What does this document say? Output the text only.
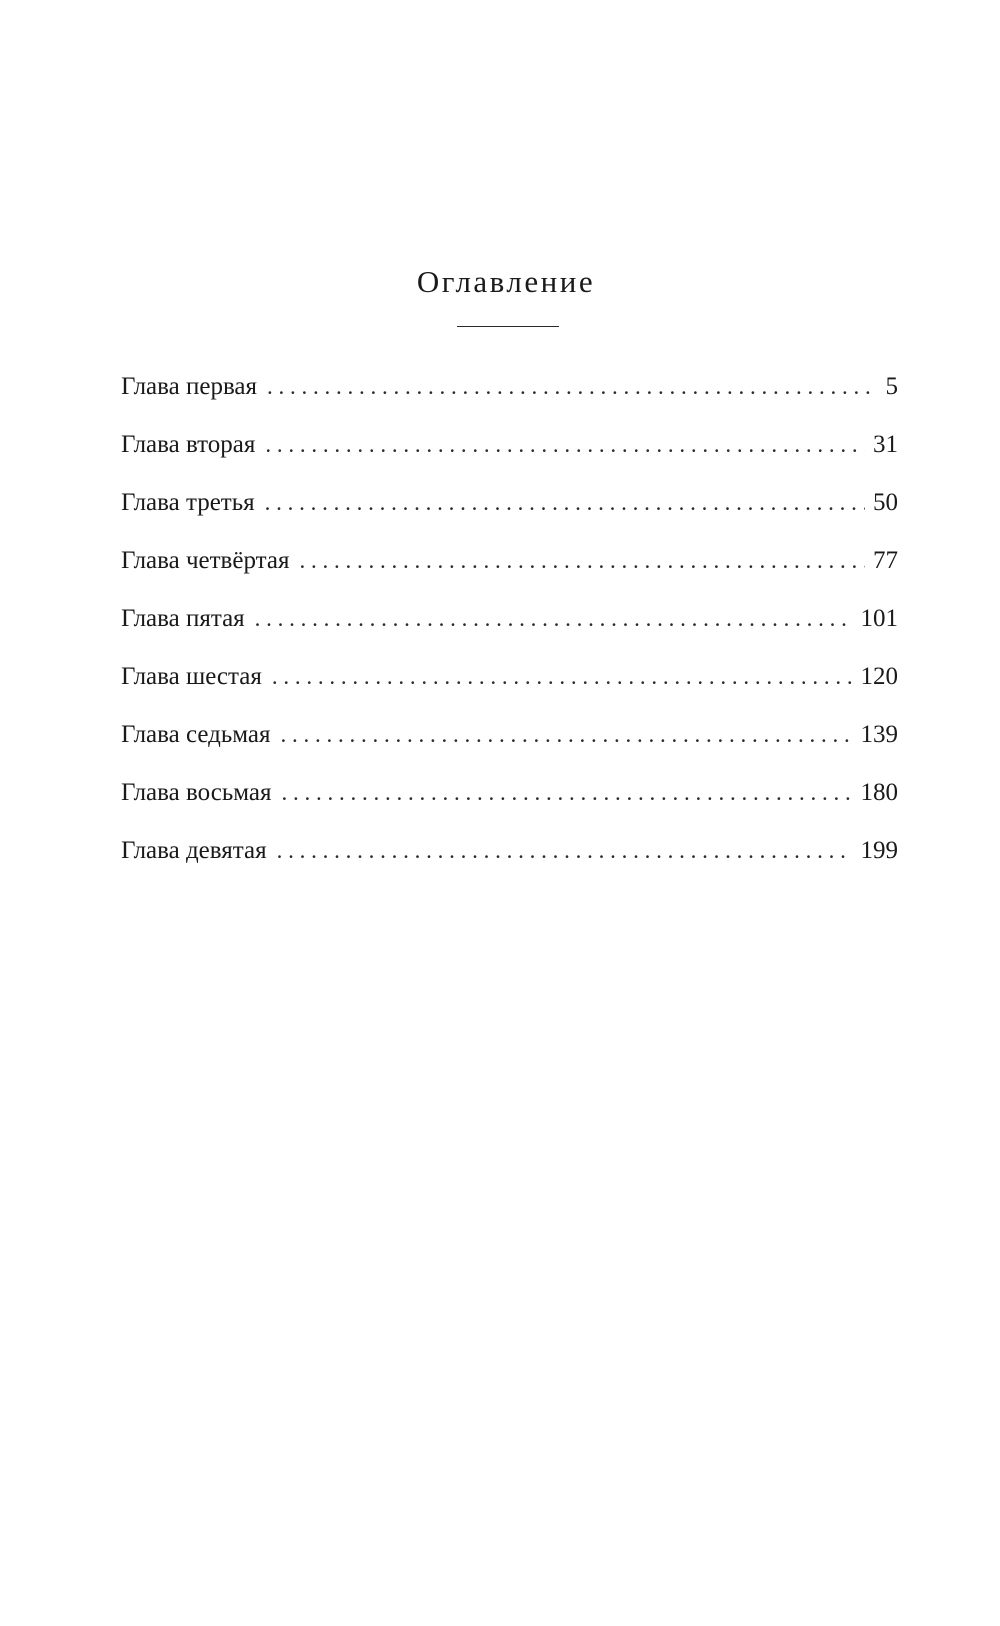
Оглавление
Глава первая . . .	5
Глава вторая . . .	31
Глава третья . . .	50
Глава четвёртая . . .	77
Глава пятая . . .	101
Глава шестая . . .	120
Глава седьмая . . .	139
Глава восьмая . . .	180
Глава девятая . . .	199
